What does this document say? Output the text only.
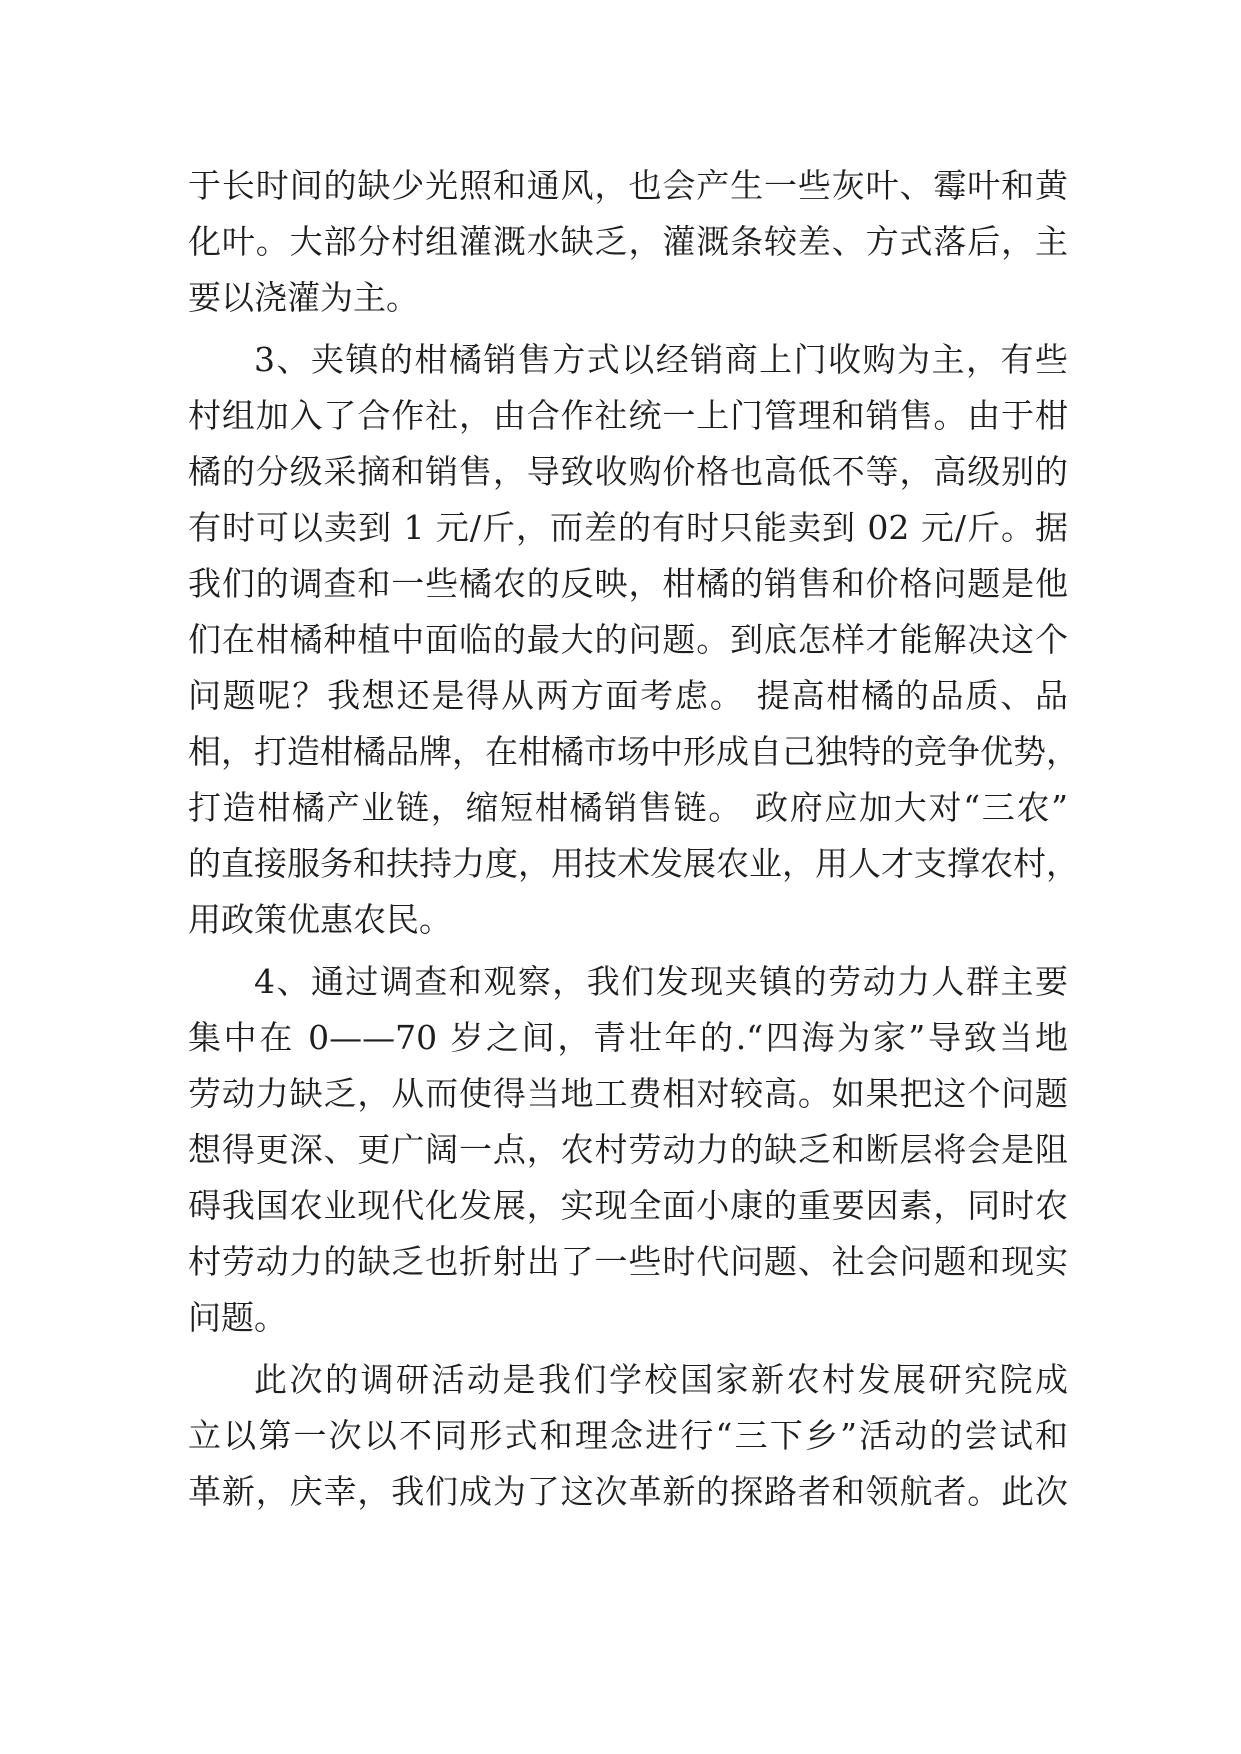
于长时间的缺少光照和通风，也会产生一些灰叶、霉叶和黄
化叶。大部分村组灌溉水缺乏，灌溉条较差、方式落后，主
要以浇灌为主。

3、夹镇的柑橘销售方式以经销商上门收购为主，有些
村组加入了合作社，由合作社统一上门管理和销售。由于柑
橘的分级采摘和销售，导致收购价格也高低不等，高级别的
有时可以卖到 1 元/斤，而差的有时只能卖到 02 元/斤。据
我们的调查和一些橘农的反映，柑橘的销售和价格问题是他
们在柑橘种植中面临的最大的问题。到底怎样才能解决这个
问题呢？我想还是得从两方面考虑。 提高柑橘的品质、品
相，打造柑橘品牌，在柑橘市场中形成自己独特的竞争优势，
打造柑橘产业链，缩短柑橘销售链。 政府应加大对“三农”
的直接服务和扶持力度，用技术发展农业，用人才支撑农村，
用政策优惠农民。

4、通过调查和观察，我们发现夹镇的劳动力人群主要
集中在 0——70 岁之间，青壮年的.“四海为家”导致当地
劳动力缺乏，从而使得当地工费相对较高。如果把这个问题
想得更深、更广阔一点，农村劳动力的缺乏和断层将会是阻
碍我国农业现代化发展，实现全面小康的重要因素，同时农
村劳动力的缺乏也折射出了一些时代问题、社会问题和现实
问题。

此次的调研活动是我们学校国家新农村发展研究院成
立以第一次以不同形式和理念进行“三下乡”活动的尝试和
革新，庆幸，我们成为了这次革新的探路者和领航者。此次
